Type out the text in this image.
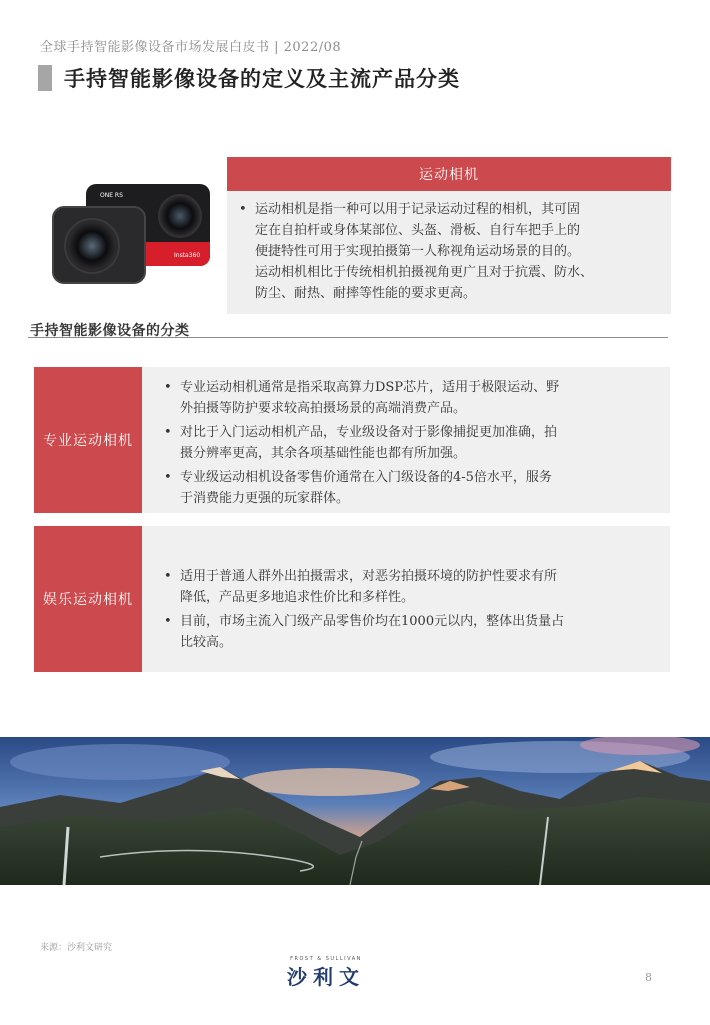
全球手持智能影像设备市场发展白皮书 | 2022/08
手持智能影像设备的定义及主流产品分类
ONE RS
Insta360
运动相机
• 运动相机是指一种可以用于记录运动过程的相机，其可固
定在自拍杆或身体某部位、头盔、滑板、自行车把手上的
便捷特性可用于实现拍摄第一人称视角运动场景的目的。
运动相机相比于传统相机拍摄视角更广且对于抗震、防水、
防尘、耐热、耐摔等性能的要求更高。
手持智能影像设备的分类
专业运动相机
• 专业运动相机通常是指采取高算力DSP芯片，适用于极限运动、野
外拍摄等防护要求较高拍摄场景的高端消费产品。
• 对比于入门运动相机产品，专业级设备对于影像捕捉更加准确，拍
摄分辨率更高，其余各项基础性能也都有所加强。
• 专业级运动相机设备零售价通常在入门级设备的4-5倍水平，服务
于消费能力更强的玩家群体。
娱乐运动相机
• 适用于普通人群外出拍摄需求，对恶劣拍摄环境的防护性要求有所
降低，产品更多地追求性价比和多样性。
• 目前，市场主流入门级产品零售价均在1000元以内，整体出货量占
比较高。
来源：沙利文研究
FROST & SULLIVAN
沙利文	8
